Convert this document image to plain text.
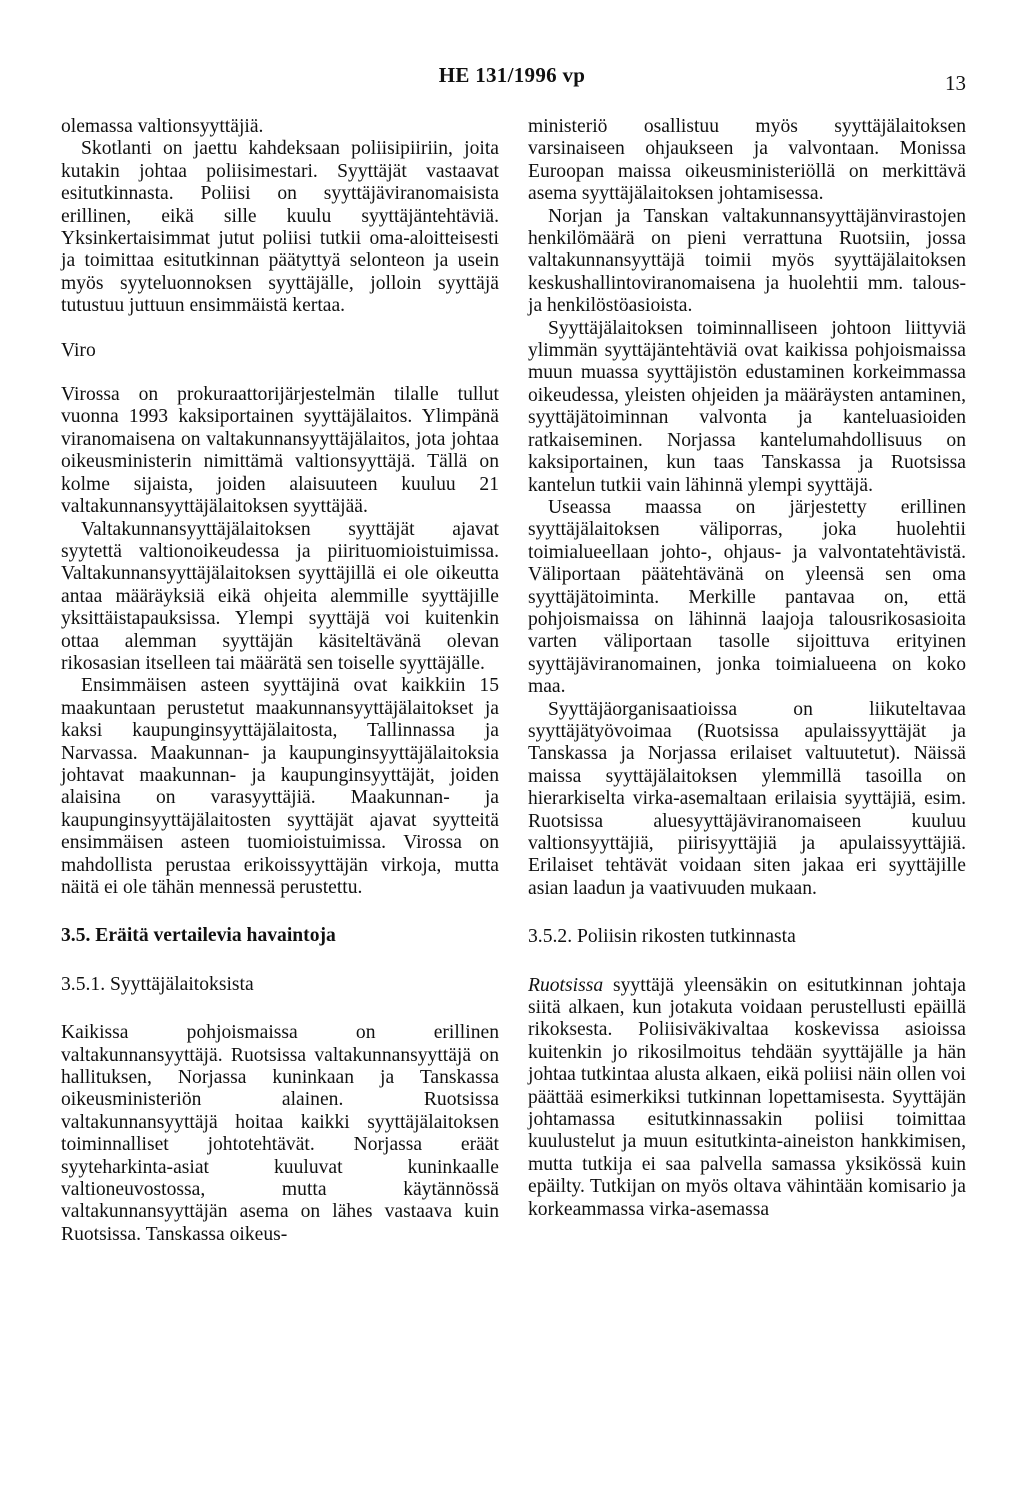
HE 131/1996 vp	13

olemassa valtionsyyttäjiä.

Skotlanti on jaettu kahdeksaan poliisipiiriin, joita kutakin johtaa poliisimestari. Syyttäjät vastaavat esitutkinnasta. Poliisi on syyttäjäviranomaisista erillinen, eikä sille kuulu syyttäjäntehtäviä. Yksinkertaisimmat jutut poliisi tutkii oma-aloitteisesti ja toimittaa esitutkinnan päätyttyä selonteon ja usein myös syyteluonnoksen syyttäjälle, jolloin syyttäjä tutustuu juttuun ensimmäistä kertaa.

Viro

Virossa on prokuraattorijärjestelmän tilalle tullut vuonna 1993 kaksiportainen syyttäjälaitos. Ylimpänä viranomaisena on valtakunnansyyttäjälaitos, jota johtaa oikeusministerin nimittämä valtionsyyttäjä. Tällä on kolme sijaista, joiden alaisuuteen kuuluu 21 valtakunnansyyttäjälaitoksen syyttäjää.

Valtakunnansyyttäjälaitoksen syyttäjät ajavat syytettä valtionoikeudessa ja piirituomioistuimissa. Valtakunnansyyttäjälaitoksen syyttäjillä ei ole oikeutta antaa määräyksiä eikä ohjeita alemmille syyttäjille yksittäistapauksissa. Ylempi syyttäjä voi kuitenkin ottaa alemman syyttäjän käsiteltävänä olevan rikosasian itselleen tai määrätä sen toiselle syyttäjälle.

Ensimmäisen asteen syyttäjinä ovat kaikkiin 15 maakuntaan perustetut maakunnansyyttäjälaitokset ja kaksi kaupunginsyyttäjälaitosta, Tallinnassa ja Narvassa. Maakunnan- ja kaupunginsyyttäjälaitoksia johtavat maakunnan- ja kaupunginsyyttäjät, joiden alaisina on varasyyttäjiä. Maakunnan- ja kaupunginsyyttäjälaitosten syyttäjät ajavat syytteitä ensimmäisen asteen tuomioistuimissa. Virossa on mahdollista perustaa erikoissyyttäjän virkoja, mutta näitä ei ole tähän mennessä perustettu.

3.5. Eräitä vertailevia havaintoja

3.5.1. Syyttäjälaitoksista

Kaikissa pohjoismaissa on erillinen valtakunnansyyttäjä. Ruotsissa valtakunnansyyttäjä on hallituksen, Norjassa kuninkaan ja Tanskassa oikeusministeriön alainen. Ruotsissa valtakunnansyyttäjä hoitaa kaikki syyttäjälaitoksen toiminnalliset johtotehtävät. Norjassa eräät syyteharkinta-asiat kuuluvat kuninkaalle valtioneuvostossa, mutta käytännössä valtakunnansyyttäjän asema on lähes vastaava kuin Ruotsissa. Tanskassa oikeus-

ministeriö osallistuu myös syyttäjälaitoksen varsinaiseen ohjaukseen ja valvontaan. Monissa Euroopan maissa oikeusministeriöllä on merkittävä asema syyttäjälaitoksen johtamisessa.

Norjan ja Tanskan valtakunnansyyttäjänvirastojen henkilömäärä on pieni verrattuna Ruotsiin, jossa valtakunnansyyttäjä toimii myös syyttäjälaitoksen keskushallintoviranomaisena ja huolehtii mm. talous- ja henkilöstöasioista.

Syyttäjälaitoksen toiminnalliseen johtoon liittyviä ylimmän syyttäjäntehtäviä ovat kaikissa pohjoismaissa muun muassa syyttäjistön edustaminen korkeimmassa oikeudessa, yleisten ohjeiden ja määräysten antaminen, syyttäjätoiminnan valvonta ja kanteluasioiden ratkaiseminen. Norjassa kantelumahdollisuus on kaksiportainen, kun taas Tanskassa ja Ruotsissa kantelun tutkii vain lähinnä ylempi syyttäjä.

Useassa maassa on järjestetty erillinen syyttäjälaitoksen väliporras, joka huolehtii toimialueellaan johto-, ohjaus- ja valvontatehtävistä. Väliportaan päätehtävänä on yleensä sen oma syyttäjätoiminta. Merkille pantavaa on, että pohjoismaissa on lähinnä laajoja talousrikosasioita varten väliportaan tasolle sijoittuva erityinen syyttäjäviranomainen, jonka toimialueena on koko maa.

Syyttäjäorganisaatioissa on liikuteltavaa syyttäjätyövoimaa (Ruotsissa apulaissyyttäjät ja Tanskassa ja Norjassa erilaiset valtuutetut). Näissä maissa syyttäjälaitoksen ylemmillä tasoilla on hierarkiselta virka-asemaltaan erilaisia syyttäjiä, esim. Ruotsissa aluesyyttäjäviranomaiseen kuuluu valtionsyyttäjiä, piirisyyttäjiä ja apulaissyyttäjiä. Erilaiset tehtävät voidaan siten jakaa eri syyttäjille asian laadun ja vaativuuden mukaan.

3.5.2. Poliisin rikosten tutkinnasta

Ruotsissa syyttäjä yleensäkin on esitutkinnan johtaja siitä alkaen, kun jotakuta voidaan perustellusti epäillä rikoksesta. Poliisiväkivaltaa koskevissa asioissa kuitenkin jo rikosilmoitus tehdään syyttäjälle ja hän johtaa tutkintaa alusta alkaen, eikä poliisi näin ollen voi päättää esimerkiksi tutkinnan lopettamisesta. Syyttäjän johtamassa esitutkinnassakin poliisi toimittaa kuulustelut ja muun esitutkinta-aineiston hankkimisen, mutta tutkija ei saa palvella samassa yksikössä kuin epäilty. Tutkijan on myös oltava vähintään komisario ja korkeammassa virka-asemassa
